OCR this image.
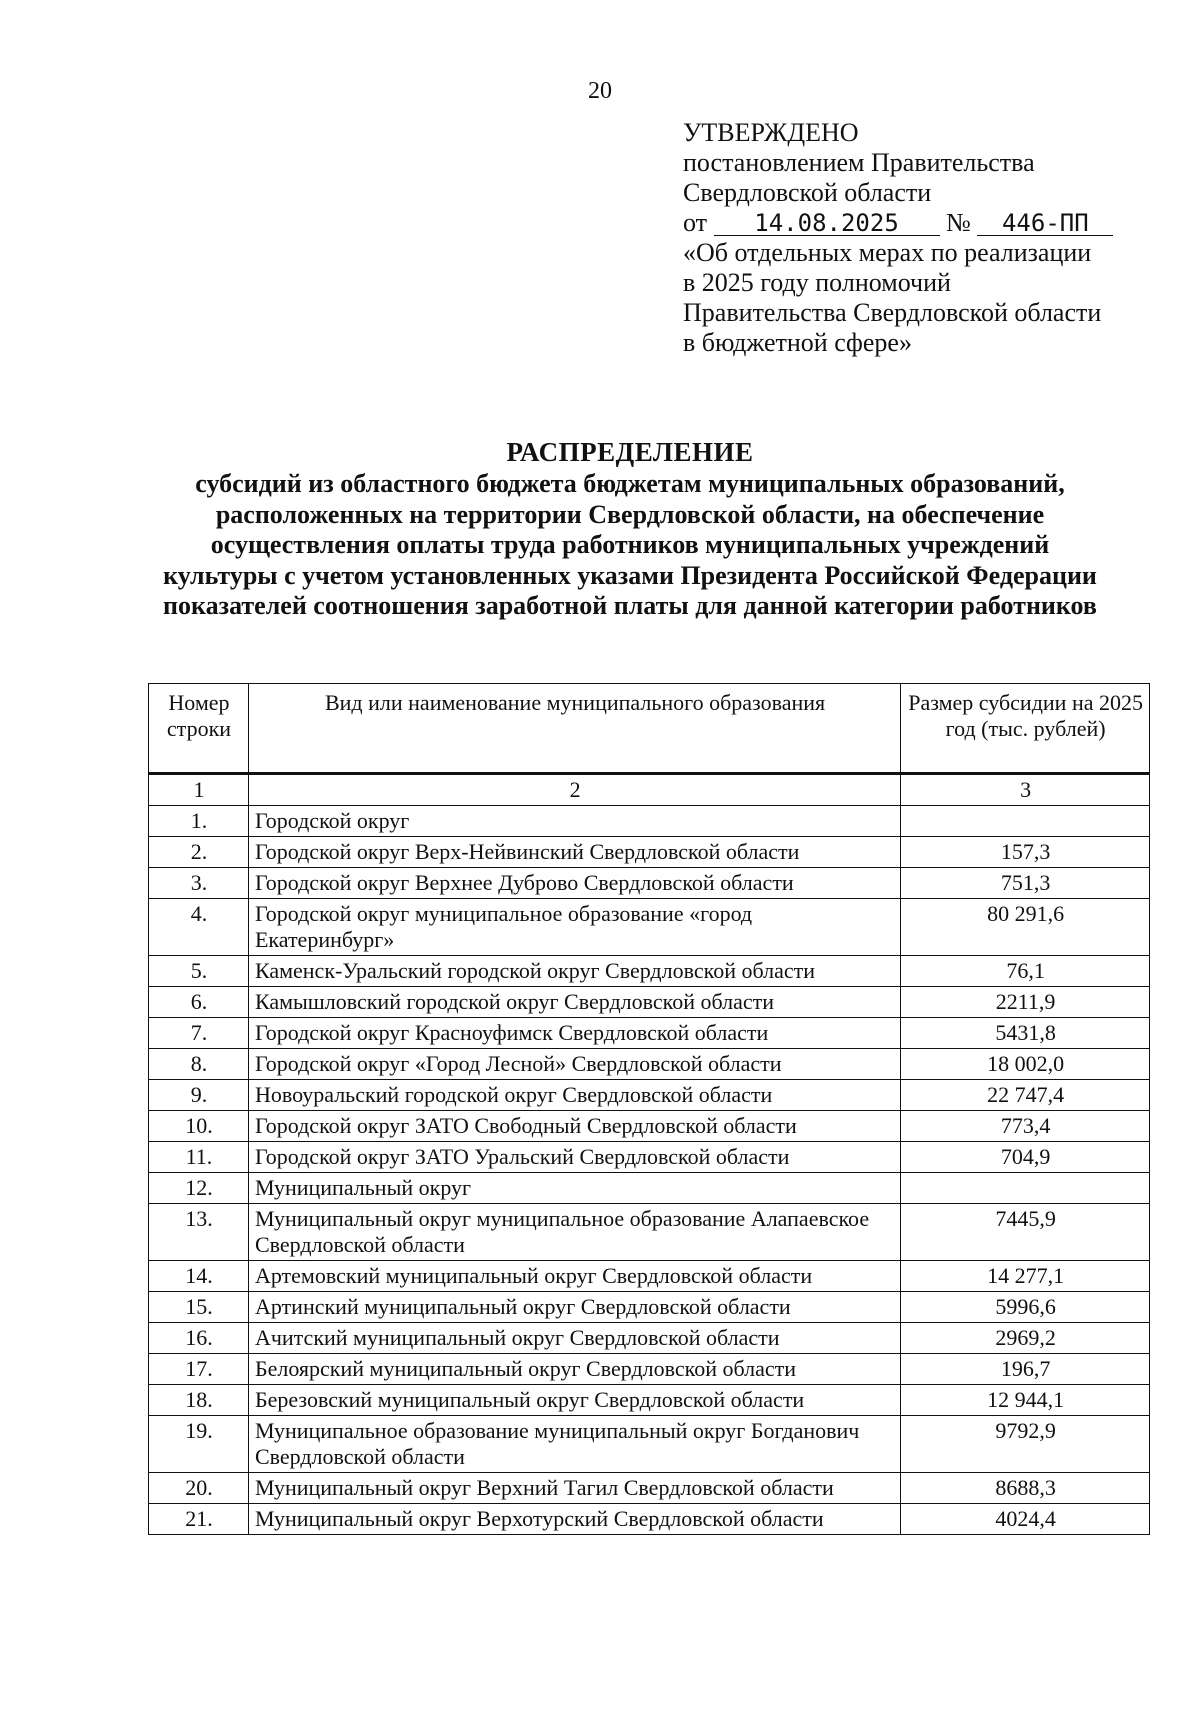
20
УТВЕРЖДЕНО
постановлением Правительства
Свердловской области
от 14.08.2025 № 446-ПП
«Об отдельных мерах по реализации
в 2025 году полномочий
Правительства Свердловской области
в бюджетной сфере»
РАСПРЕДЕЛЕНИЕ
субсидий из областного бюджета бюджетам муниципальных образований,
расположенных на территории Свердловской области, на обеспечение
осуществления оплаты труда работников муниципальных учреждений
культуры с учетом установленных указами Президента Российской Федерации
показателей соотношения заработной платы для данной категории работников
Номер строки	Вид или наименование муниципального образования	Размер субсидии на 2025 год (тыс. рублей)
1	2	3
1.	Городской округ	
2.	Городской округ Верх-Нейвинский Свердловской области	157,3
3.	Городской округ Верхнее Дуброво Свердловской области	751,3
4.	Городской округ муниципальное образование «город Екатеринбург»	80 291,6
5.	Каменск-Уральский городской округ Свердловской области	76,1
6.	Камышловский городской округ Свердловской области	2211,9
7.	Городской округ Красноуфимск Свердловской области	5431,8
8.	Городской округ «Город Лесной» Свердловской области	18 002,0
9.	Новоуральский городской округ Свердловской области	22 747,4
10.	Городской округ ЗАТО Свободный Свердловской области	773,4
11.	Городской округ ЗАТО Уральский Свердловской области	704,9
12.	Муниципальный округ	
13.	Муниципальный округ муниципальное образование Алапаевское Свердловской области	7445,9
14.	Артемовский муниципальный округ Свердловской области	14 277,1
15.	Артинский муниципальный округ Свердловской области	5996,6
16.	Ачитский муниципальный округ Свердловской области	2969,2
17.	Белоярский муниципальный округ Свердловской области	196,7
18.	Березовский муниципальный округ Свердловской области	12 944,1
19.	Муниципальное образование муниципальный округ Богданович Свердловской области	9792,9
20.	Муниципальный округ Верхний Тагил Свердловской области	8688,3
21.	Муниципальный округ Верхотурский Свердловской области	4024,4
